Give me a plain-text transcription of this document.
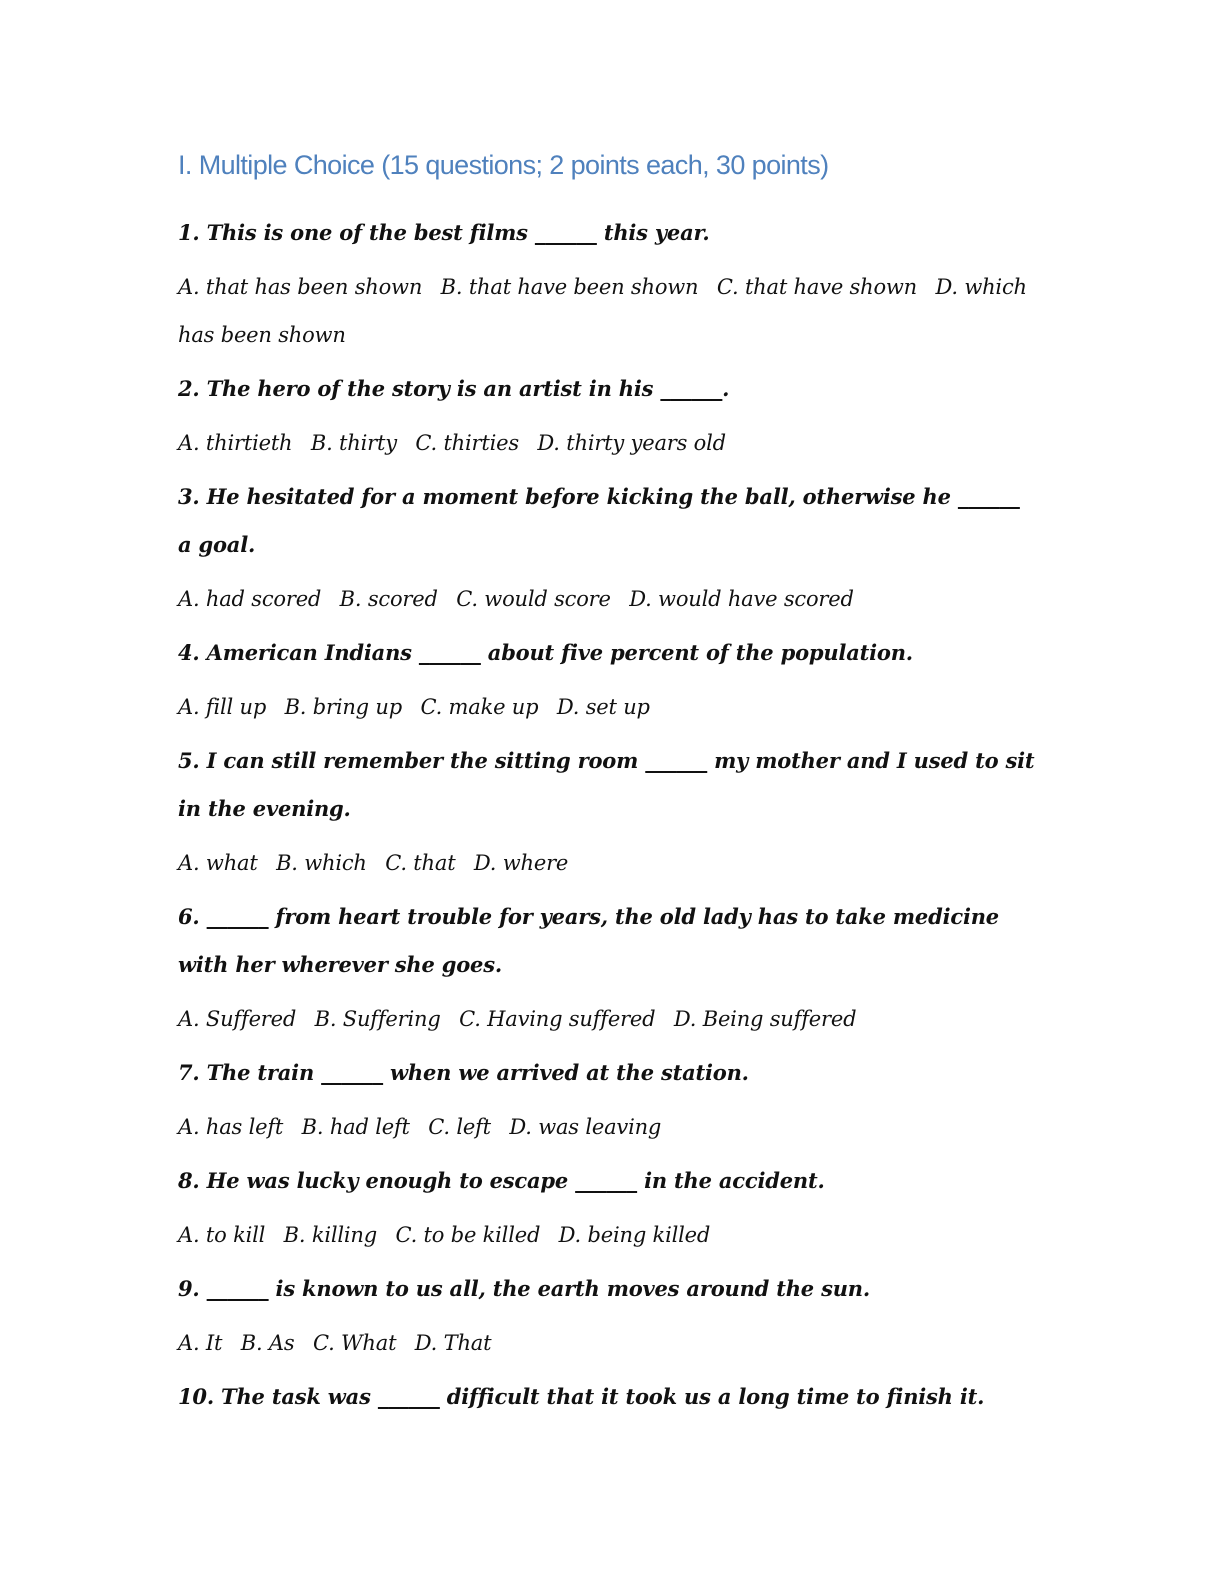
I. Multiple Choice (15 questions; 2 points each, 30 points)

1. This is one of the best films ______ this year.

A. that has been shown B. that have been shown C. that have shown D. which has been shown

2. The hero of the story is an artist in his ______.

A. thirtieth B. thirty C. thirties D. thirty years old

3. He hesitated for a moment before kicking the ball, otherwise he ______ a goal.

A. had scored B. scored C. would score D. would have scored

4. American Indians ______ about five percent of the population.

A. fill up B. bring up C. make up D. set up

5. I can still remember the sitting room ______ my mother and I used to sit in the evening.

A. what B. which C. that D. where

6. ______ from heart trouble for years, the old lady has to take medicine with her wherever she goes.

A. Suffered B. Suffering C. Having suffered D. Being suffered

7. The train ______ when we arrived at the station.

A. has left B. had left C. left D. was leaving

8. He was lucky enough to escape ______ in the accident.

A. to kill B. killing C. to be killed D. being killed

9. ______ is known to us all, the earth moves around the sun.

A. It B. As C. What D. That

10. The task was ______ difficult that it took us a long time to finish it.
